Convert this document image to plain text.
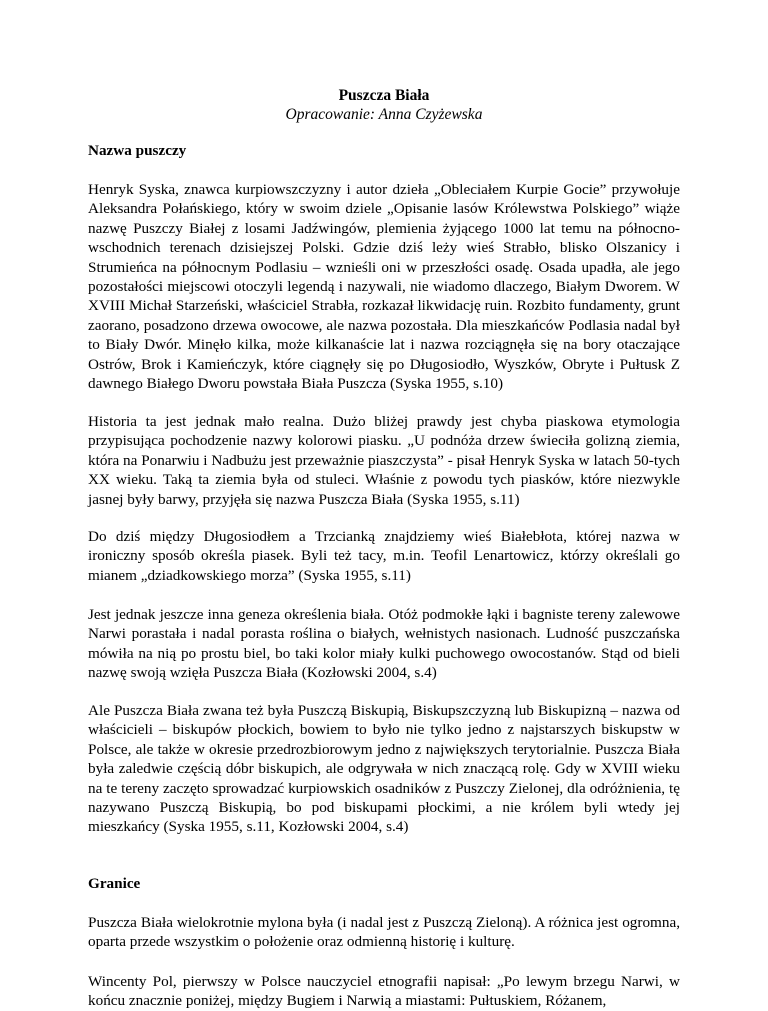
Puszcza Biała
Opracowanie: Anna Czyżewska
Nazwa puszczy

Henryk Syska, znawca kurpiowszczyzny i autor dzieła „Obleciałem Kurpie Gocie” przywołuje Aleksandra Połańskiego, który w swoim dziele „Opisanie lasów Królewstwa Polskiego” wiąże nazwę Puszczy Białej z losami Jadźwingów, plemienia żyjącego 1000 lat temu na północno-wschodnich terenach dzisiejszej Polski. Gdzie dziś leży wieś Strabło, blisko Olszanicy i Strumieńca na północnym Podlasiu – wznieśli oni w przeszłości osadę. Osada upadła, ale jego pozostałości miejscowi otoczyli legendą i nazywali, nie wiadomo dlaczego, Białym Dworem. W XVIII Michał Starzeński, właściciel Strabła, rozkazał likwidację ruin. Rozbito fundamenty, grunt zaorano, posadzono drzewa owocowe, ale nazwa pozostała. Dla mieszkańców Podlasia nadal był to Biały Dwór. Minęło kilka, może kilkanaście lat i nazwa rozciągnęła się na bory otaczające Ostrów, Brok i Kamieńczyk, które ciągnęły się po Długosiodło, Wyszków, Obryte i Pułtusk Z dawnego Białego Dworu powstała Biała Puszcza (Syska 1955, s.10)

Historia ta jest jednak mało realna. Dużo bliżej prawdy jest chyba piaskowa etymologia przypisująca pochodzenie nazwy kolorowi piasku. „U podnóża drzew świeciła golizną ziemia, która na Ponarwiu i Nadbużu jest przeważnie piaszczysta” - pisał Henryk Syska w latach 50-tych XX wieku. Taką ta ziemia była od stuleci. Właśnie z powodu tych piasków, które niezwykle jasnej były barwy, przyjęła się nazwa Puszcza Biała (Syska 1955, s.11)

Do dziś między Długosiodłem a Trzcianką znajdziemy wieś Białebłota, której nazwa w ironiczny sposób określa piasek. Byli też tacy, m.in. Teofil Lenartowicz, którzy określali go mianem „dziadkowskiego morza” (Syska 1955, s.11)

Jest jednak jeszcze inna geneza określenia biała. Otóż podmokłe łąki i bagniste tereny zalewowe Narwi porastała i nadal porasta roślina o białych, wełnistych nasionach. Ludność puszczańska mówiła na nią po prostu biel, bo taki kolor miały kulki puchowego owocostanów. Stąd od bieli nazwę swoją wzięła Puszcza Biała (Kozłowski 2004, s.4)

Ale Puszcza Biała zwana też była Puszczą Biskupią, Biskupszczyzną lub Biskupizną – nazwa od właścicieli – biskupów płockich, bowiem to było nie tylko jedno z najstarszych biskupstw w Polsce, ale także w okresie przedrozbiorowym jedno z największych terytorialnie. Puszcza Biała była zaledwie częścią dóbr biskupich, ale odgrywała w nich znaczącą rolę. Gdy w XVIII wieku na te tereny zaczęto sprowadzać kurpiowskich osadników z Puszczy Zielonej, dla odróżnienia, tę nazywano Puszczą Biskupią, bo pod biskupami płockimi, a nie królem byli wtedy jej mieszkańcy (Syska 1955, s.11, Kozłowski 2004, s.4)

Granice

Puszcza Biała wielokrotnie mylona była (i nadal jest z Puszczą Zieloną). A różnica jest ogromna, oparta przede wszystkim o położenie oraz odmienną historię i kulturę.

Wincenty Pol, pierwszy w Polsce nauczyciel etnografii napisał: „Po lewym brzegu Narwi, w końcu znacznie poniżej, między Bugiem i Narwią a miastami: Pułtuskiem, Różanem,
